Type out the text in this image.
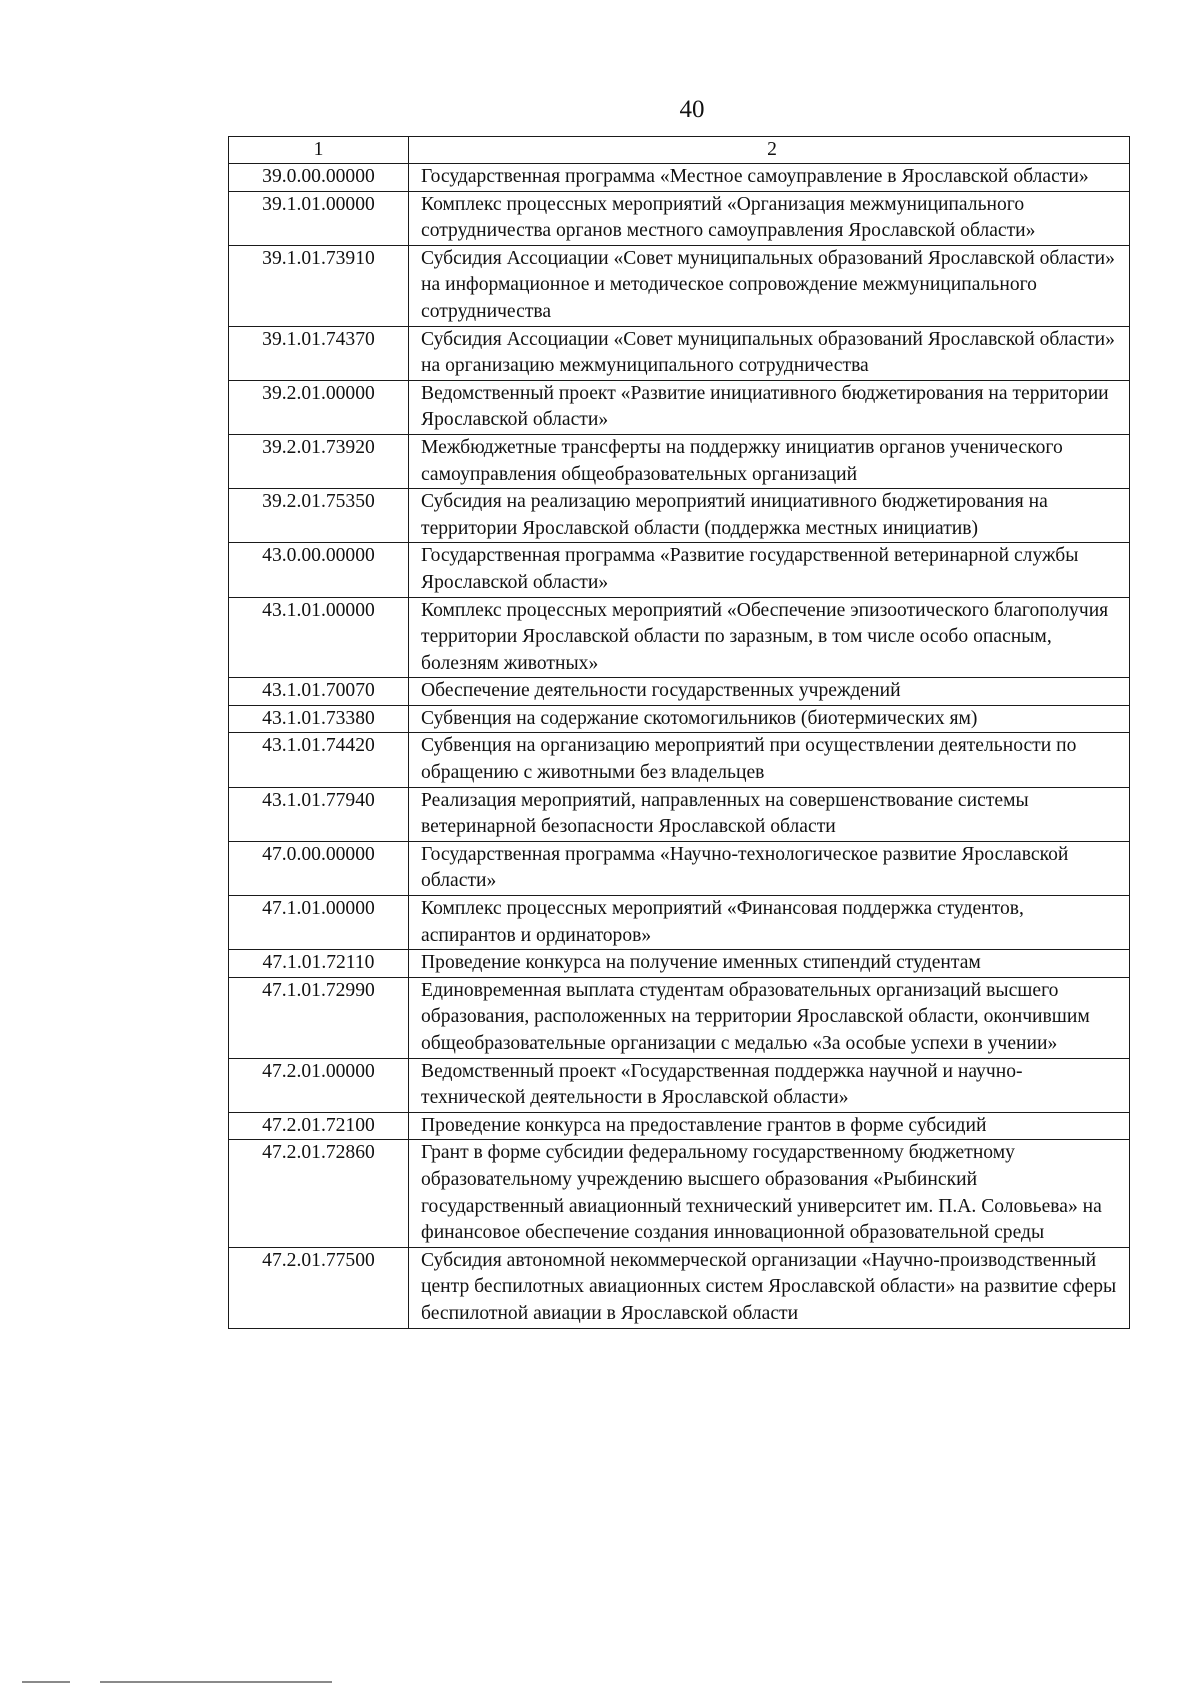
40
1	2
39.0.00.00000	Государственная программа «Местное самоуправление в Ярославской области»
39.1.01.00000	Комплекс процессных мероприятий «Организация межмуниципального сотрудничества органов местного самоуправления Ярославской области»
39.1.01.73910	Субсидия Ассоциации «Совет муниципальных образований Ярославской области» на информационное и методическое сопровождение межмуниципального сотрудничества
39.1.01.74370	Субсидия Ассоциации «Совет муниципальных образований Ярославской области» на организацию межмуниципального сотрудничества
39.2.01.00000	Ведомственный проект «Развитие инициативного бюджетирования на территории Ярославской области»
39.2.01.73920	Межбюджетные трансферты на поддержку инициатив органов ученического самоуправления общеобразовательных организаций
39.2.01.75350	Субсидия на реализацию мероприятий инициативного бюджетирования на территории Ярославской области (поддержка местных инициатив)
43.0.00.00000	Государственная программа «Развитие государственной ветеринарной службы Ярославской области»
43.1.01.00000	Комплекс процессных мероприятий «Обеспечение эпизоотического благополучия территории Ярославской области по заразным, в том числе особо опасным, болезням животных»
43.1.01.70070	Обеспечение деятельности государственных учреждений
43.1.01.73380	Субвенция на содержание скотомогильников (биотермических ям)
43.1.01.74420	Субвенция на организацию мероприятий при осуществлении деятельности по обращению с животными без владельцев
43.1.01.77940	Реализация мероприятий, направленных на совершенствование системы ветеринарной безопасности Ярославской области
47.0.00.00000	Государственная программа «Научно-технологическое развитие Ярославской области»
47.1.01.00000	Комплекс процессных мероприятий «Финансовая поддержка студентов, аспирантов и ординаторов»
47.1.01.72110	Проведение конкурса на получение именных стипендий студентам
47.1.01.72990	Единовременная выплата студентам образовательных организаций высшего образования, расположенных на территории Ярославской области, окончившим общеобразовательные организации с медалью «За особые успехи в учении»
47.2.01.00000	Ведомственный проект «Государственная поддержка научной и научно-технической деятельности в Ярославской области»
47.2.01.72100	Проведение конкурса на предоставление грантов в форме субсидий
47.2.01.72860	Грант в форме субсидии федеральному государственному бюджетному образовательному учреждению высшего образования «Рыбинский государственный авиационный технический университет им. П.А. Соловьева» на финансовое обеспечение создания инновационной образовательной среды
47.2.01.77500	Субсидия автономной некоммерческой организации «Научно-производственный центр беспилотных авиационных систем Ярославской области» на развитие сферы беспилотной авиации в Ярославской области
